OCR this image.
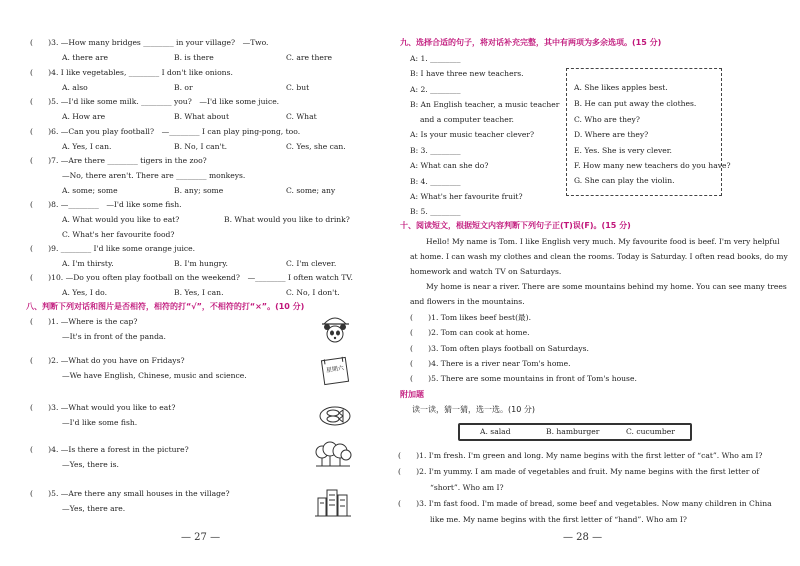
(　　)3. —How many bridges ________ in your village?　—Two.
A. there are	B. is there	C. are there
(　　)4. I like vegetables, ________ I don't like onions.
A. also	B. or	C. but
(　　)5. —I'd like some milk. ________ you?　—I'd like some juice.
A. How are	B. What about	C. What
(　　)6. —Can you play football?　—________ I can play ping-pong, too.
A. Yes, I can.	B. No, I can't.	C. Yes, she can.
(　　)7. —Are there ________ tigers in the zoo?
—No, there aren't. There are ________ monkeys.
A. some; some	B. any; some	C. some; any
(　　)8. —________　—I'd like some fish.
A. What would you like to eat?	B. What would you like to drink?
C. What's her favourite food?
(　　)9. ________ I'd like some orange juice.
A. I'm thirsty.	B. I'm hungry.	C. I'm clever.
(　　)10. —Do you often play football on the weekend?　—________ I often watch TV.
A. Yes, I do.	B. Yes, I can.	C. No, I don't.
八、判断下列对话和图片是否相符，相符的打“√”，不相符的打“×”。(10 分)
(　　)1. —Where is the cap?
—It's in front of the panda.
(　　)2. —What do you have on Fridays?
—We have English, Chinese, music and science.
星期六
(　　)3. —What would you like to eat?
—I'd like some fish.
(　　)4. —Is there a forest in the picture?
—Yes, there is.
(　　)5. —Are there any small houses in the village?
—Yes, there are.
— 27 —
九、选择合适的句子，将对话补充完整，其中有两项为多余选项。(15 分)
A: 1. ________
B: I have three new teachers.
A: 2. ________
B: An English teacher, a music teacher
and a computer teacher.
A: Is your music teacher clever?
B: 3. ________
A: What can she do?
B: 4. ________
A: What's her favourite fruit?
B: 5. ________
A. She likes apples best.
B. He can put away the clothes.
C. Who are they?
D. Where are they?
E. Yes. She is very clever.
F. How many new teachers do you have?
G. She can play the violin.
十、阅读短文，根据短文内容判断下列句子正(T)误(F)。(15 分)
Hello! My name is Tom. I like English very much. My favourite food is beef. I'm very helpful
at home. I can wash my clothes and clean the rooms. Today is Saturday. I often read books, do my
homework and watch TV on Saturdays.
My home is near a river. There are some mountains behind my home. You can see many trees
and flowers in the mountains.
(　　)1. Tom likes beef best(最).
(　　)2. Tom can cook at home.
(　　)3. Tom often plays football on Saturdays.
(　　)4. There is a river near Tom's home.
(　　)5. There are some mountains in front of Tom's house.
附加题
读一读，猜一猜，选一选。(10 分)
A. salad	B. hamburger	C. cucumber
(　　)1. I'm fresh. I'm green and long. My name begins with the first letter of “cat”. Who am I?
(　　)2. I'm yummy. I am made of vegetables and fruit. My name begins with the first letter of
“short”. Who am I?
(　　)3. I'm fast food. I'm made of bread, some beef and vegetables. Now many children in China
like me. My name begins with the first letter of “hand”. Who am I?
— 28 —
